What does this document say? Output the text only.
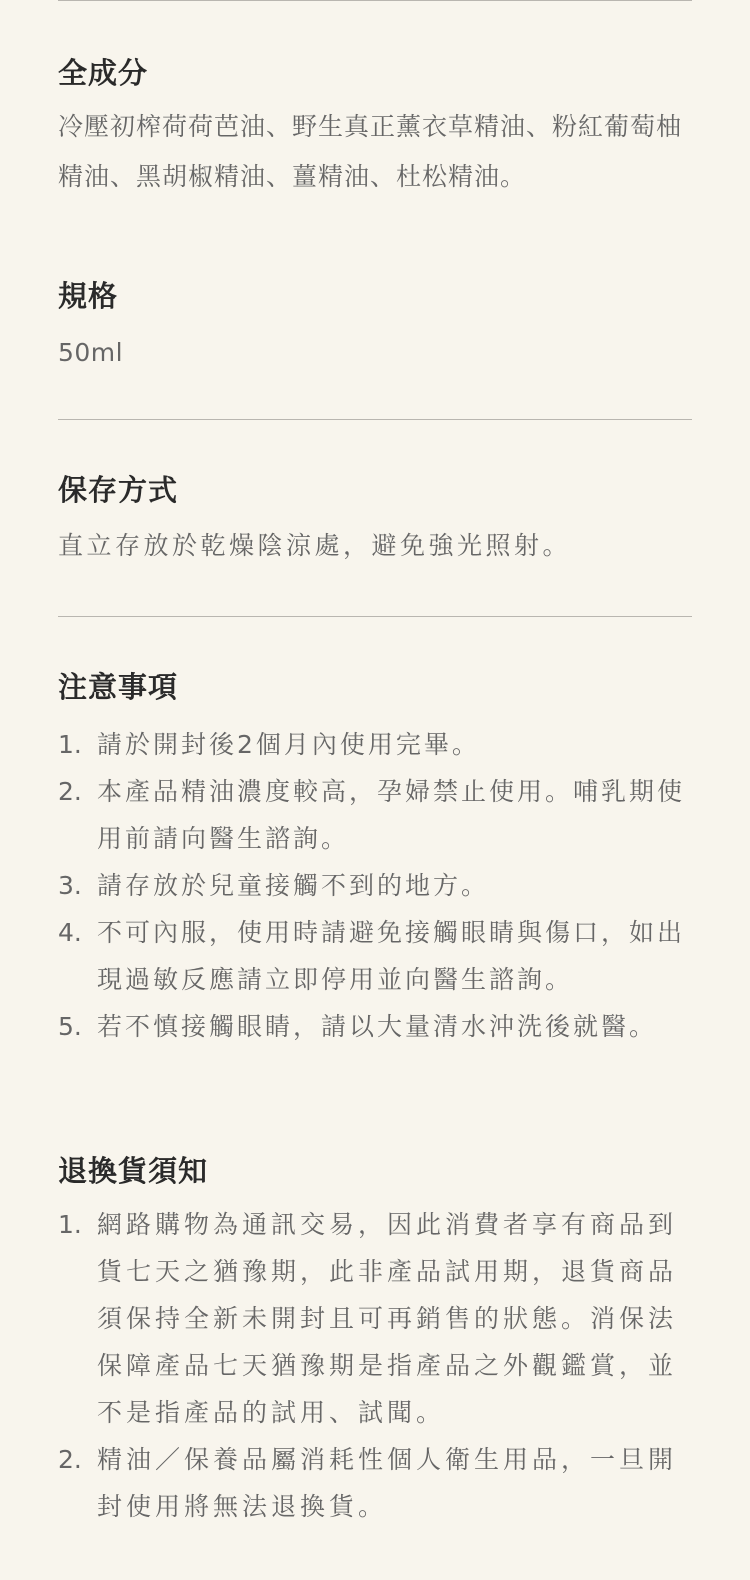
全成分

冷壓初榨荷荷芭油、野生真正薰衣草精油、粉紅葡萄柚精油、黑胡椒精油、薑精油、杜松精油。

規格

50ml

保存方式

直立存放於乾燥陰涼處，避免強光照射。

注意事項
1. 請於開封後2個月內使用完畢。
2. 本產品精油濃度較高，孕婦禁止使用。哺乳期使用前請向醫生諮詢。
3. 請存放於兒童接觸不到的地方。
4. 不可內服，使用時請避免接觸眼睛與傷口，如出現過敏反應請立即停用並向醫生諮詢。
5. 若不慎接觸眼睛，請以大量清水沖洗後就醫。
退換貨須知
1. 網路購物為通訊交易，因此消費者享有商品到貨七天之猶豫期，此非產品試用期，退貨商品須保持全新未開封且可再銷售的狀態。消保法保障產品七天猶豫期是指產品之外觀鑑賞，並不是指產品的試用、試聞。
2. 精油／保養品屬消耗性個人衛生用品，一旦開封使用將無法退換貨。
